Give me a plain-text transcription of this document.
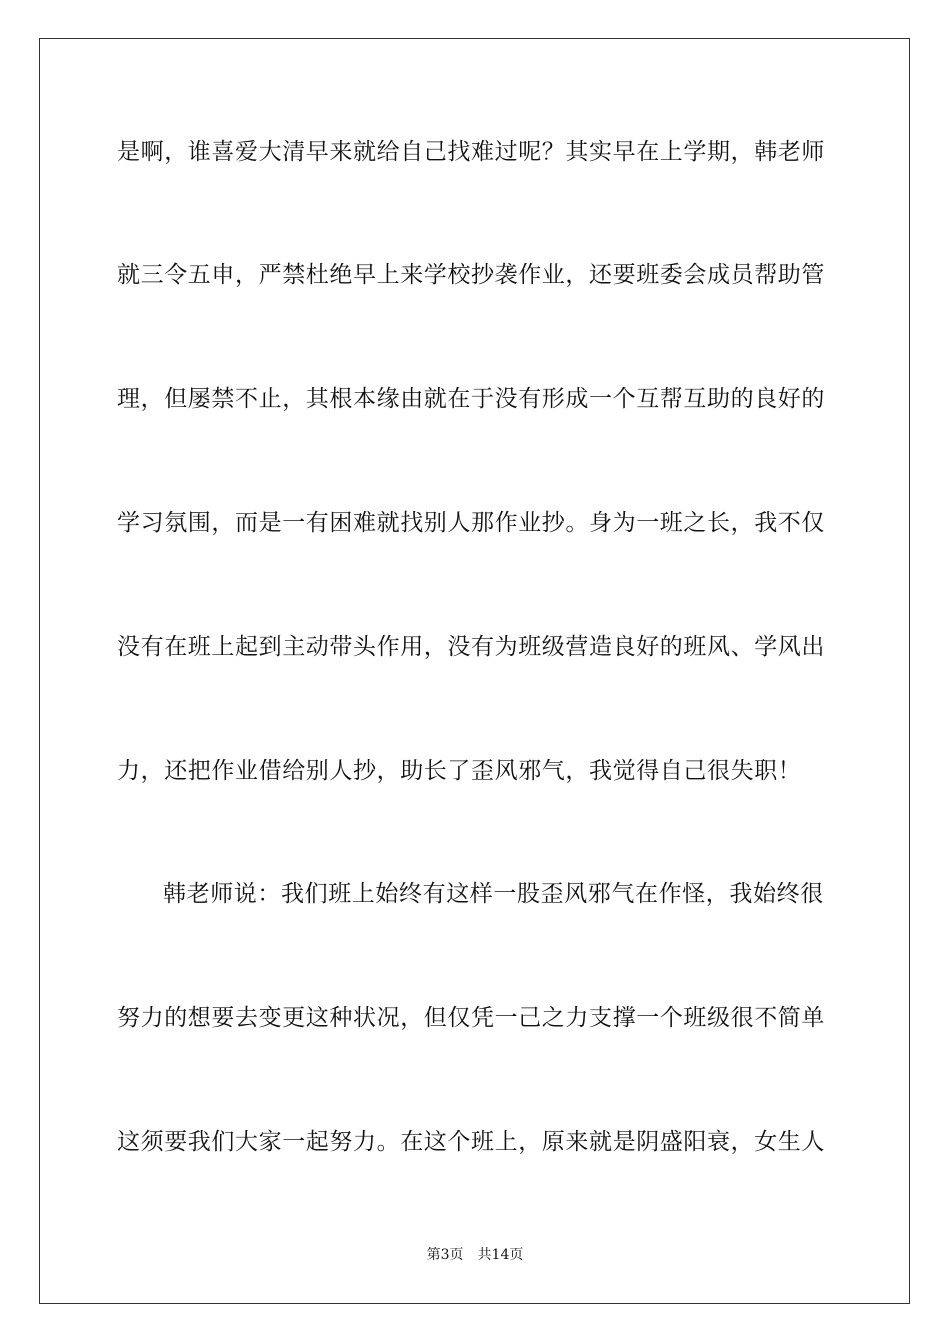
是啊，谁喜爱大清早来就给自己找难过呢？其实早在上学期，韩老师
就三令五申，严禁杜绝早上来学校抄袭作业，还要班委会成员帮助管
理，但屡禁不止，其根本缘由就在于没有形成一个互帮互助的良好的
学习氛围，而是一有困难就找别人那作业抄。身为一班之长，我不仅
没有在班上起到主动带头作用，没有为班级营造良好的班风、学风出
力，还把作业借给别人抄，助长了歪风邪气，我觉得自己很失职！
韩老师说：我们班上始终有这样一股歪风邪气在作怪，我始终很
努力的想要去变更这种状况，但仅凭一己之力支撑一个班级很不简单
这须要我们大家一起努力。在这个班上，原来就是阴盛阳衰，女生人
第3页 共14页
